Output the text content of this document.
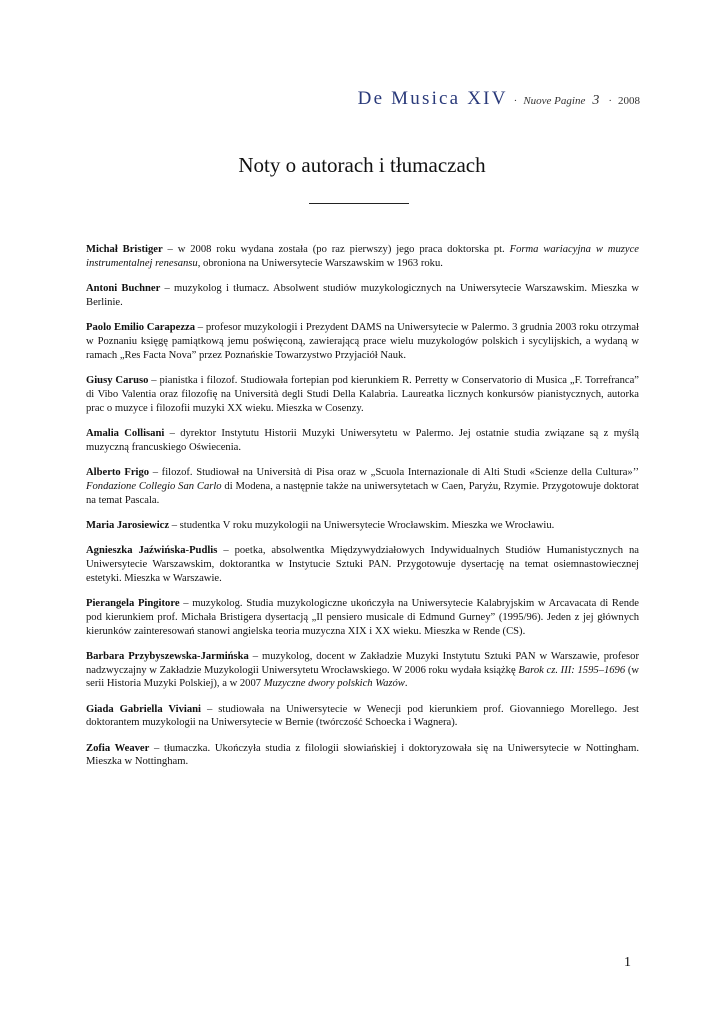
De Musica XIV · Nuove Pagine 3 · 2008
Noty o autorach i tłumaczach

Michał Bristiger – w 2008 roku wydana została (po raz pierwszy) jego praca doktorska pt. Forma wariacyjna w muzyce instrumentalnej renesansu, obroniona na Uniwersytecie Warszawskim w 1963 roku.

Antoni Buchner – muzykolog i tłumacz. Absolwent studiów muzykologicznych na Uniwersytecie Warszawskim. Mieszka w Berlinie.

Paolo Emilio Carapezza – profesor muzykologii i Prezydent DAMS na Uniwersytecie w Palermo. 3 grudnia 2003 roku otrzymał w Poznaniu księgę pamiątkową jemu poświęconą, zawierającą prace wielu muzykologów polskich i sycylijskich, a wydaną w ramach „Res Facta Nova” przez Poznańskie Towarzystwo Przyjaciół Nauk.

Giusy Caruso – pianistka i filozof. Studiowała fortepian pod kierunkiem R. Perretty w Conservatorio di Musica „F. Torrefranca” di Vibo Valentia oraz filozofię na Università degli Studi Della Kalabria. Laureatka licznych konkursów pianistycznych, autorka prac o muzyce i filozofii muzyki XX wieku. Mieszka w Cosenzy.

Amalia Collisani – dyrektor Instytutu Historii Muzyki Uniwersytetu w Palermo. Jej ostatnie studia związane są z myślą muzyczną francuskiego Oświecenia.

Alberto Frigo – filozof. Studiował na Università di Pisa oraz w „Scuola Internazionale di Alti Studi «Scienze della Cultura»’’ Fondazione Collegio San Carlo di Modena, a następnie także na uniwersytetach w Caen, Paryżu, Rzymie. Przygotowuje doktorat na temat Pascala.

Maria Jarosiewicz – studentka V roku muzykologii na Uniwersytecie Wrocławskim. Mieszka we Wrocławiu.

Agnieszka Jaźwińska-Pudlis – poetka, absolwentka Międzywydziałowych Indywidualnych Studiów Humanistycznych na Uniwersytecie Warszawskim, doktorantka w Instytucie Sztuki PAN. Przygotowuje dysertację na temat osiemnastowiecznej estetyki. Mieszka w Warszawie.

Pierangela Pingitore – muzykolog. Studia muzykologiczne ukończyła na Uniwersytecie Kalabryjskim w Arcavacata di Rende pod kierunkiem prof. Michała Bristigera dysertacją „Il pensiero musicale di Edmund Gurney” (1995/96). Jeden z jej głównych kierunków zainteresowań stanowi angielska teoria muzyczna XIX i XX wieku. Mieszka w Rende (CS).

Barbara Przybyszewska-Jarmińska – muzykolog, docent w Zakładzie Muzyki Instytutu Sztuki PAN w Warszawie, profesor nadzwyczajny w Zakładzie Muzykologii Uniwersytetu Wrocławskiego. W 2006 roku wydała książkę Barok cz. III: 1595–1696 (w serii Historia Muzyki Polskiej), a w 2007 Muzyczne dwory polskich Wazów.

Giada Gabriella Viviani – studiowała na Uniwersytecie w Wenecji pod kierunkiem prof. Giovanniego Morellego. Jest doktorantem muzykologii na Uniwersytecie w Bernie (twórczość Schoecka i Wagnera).

Zofia Weaver – tłumaczka. Ukończyła studia z filologii słowiańskiej i doktoryzowała się na Uniwersytecie w Nottingham. Mieszka w Nottingham.

1
